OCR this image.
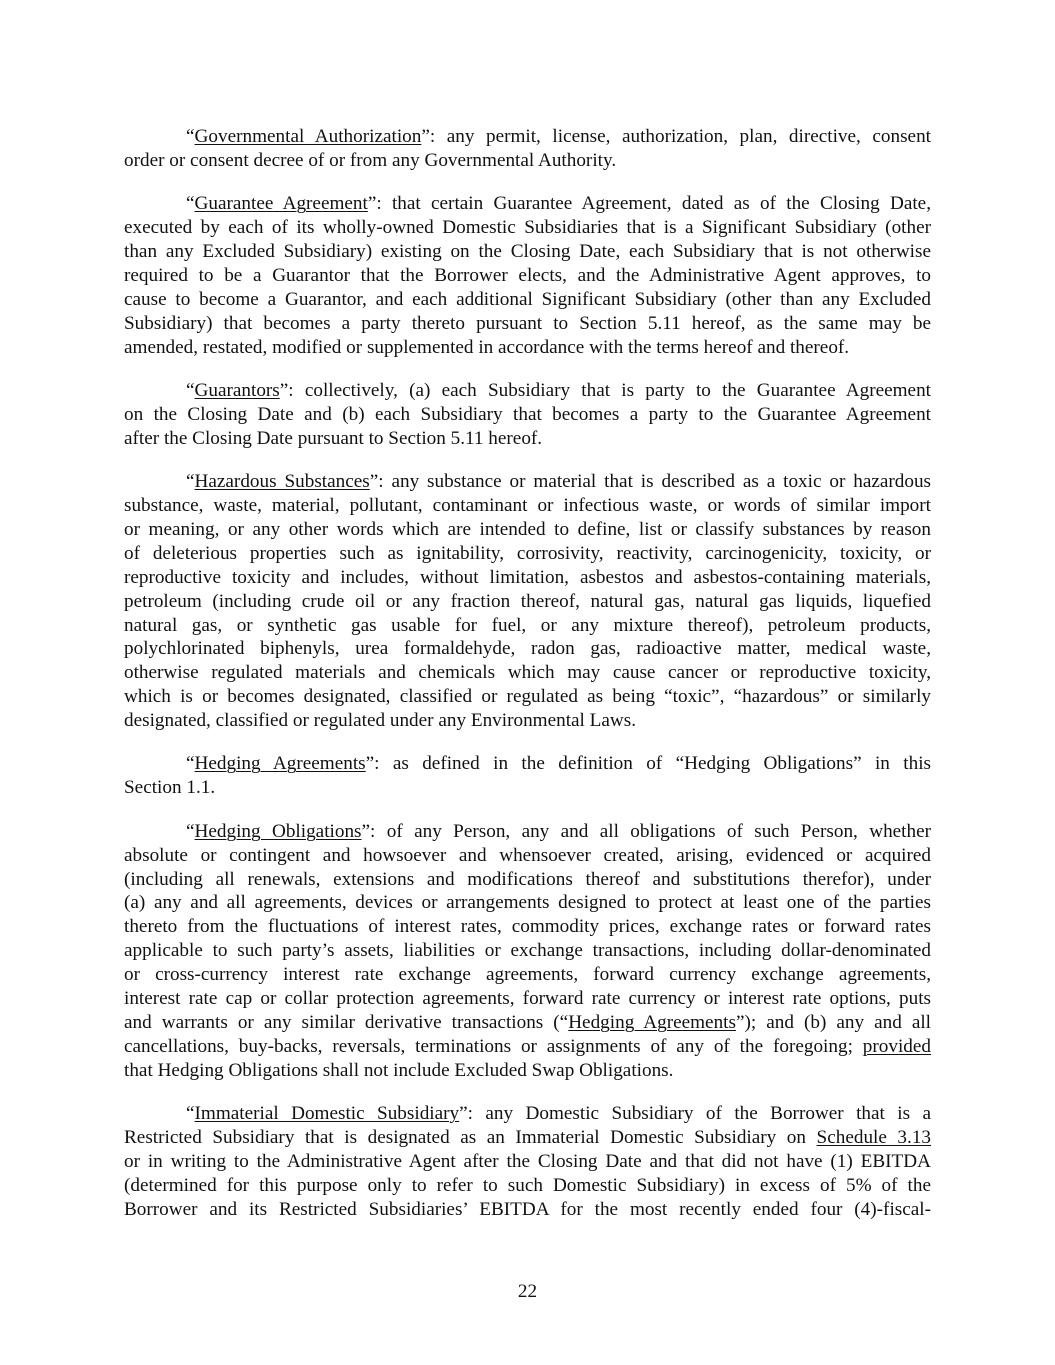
“Governmental Authorization”: any permit, license, authorization, plan, directive, consent
order or consent decree of or from any Governmental Authority.
“Guarantee Agreement”: that certain Guarantee Agreement, dated as of the Closing Date,
executed by each of its wholly-owned Domestic Subsidiaries that is a Significant Subsidiary (other
than any Excluded Subsidiary) existing on the Closing Date, each Subsidiary that is not otherwise
required to be a Guarantor that the Borrower elects, and the Administrative Agent approves, to
cause to become a Guarantor, and each additional Significant Subsidiary (other than any Excluded
Subsidiary) that becomes a party thereto pursuant to Section 5.11 hereof, as the same may be
amended, restated, modified or supplemented in accordance with the terms hereof and thereof.
“Guarantors”: collectively, (a) each Subsidiary that is party to the Guarantee Agreement
on the Closing Date and (b) each Subsidiary that becomes a party to the Guarantee Agreement
after the Closing Date pursuant to Section 5.11 hereof.
“Hazardous Substances”: any substance or material that is described as a toxic or hazardous
substance, waste, material, pollutant, contaminant or infectious waste, or words of similar import
or meaning, or any other words which are intended to define, list or classify substances by reason
of deleterious properties such as ignitability, corrosivity, reactivity, carcinogenicity, toxicity, or
reproductive toxicity and includes, without limitation, asbestos and asbestos-containing materials,
petroleum (including crude oil or any fraction thereof, natural gas, natural gas liquids, liquefied
natural gas, or synthetic gas usable for fuel, or any mixture thereof), petroleum products,
polychlorinated biphenyls, urea formaldehyde, radon gas, radioactive matter, medical waste,
otherwise regulated materials and chemicals which may cause cancer or reproductive toxicity,
which is or becomes designated, classified or regulated as being “toxic”, “hazardous” or similarly
designated, classified or regulated under any Environmental Laws.
“Hedging Agreements”: as defined in the definition of “Hedging Obligations” in this
Section 1.1.
“Hedging Obligations”: of any Person, any and all obligations of such Person, whether
absolute or contingent and howsoever and whensoever created, arising, evidenced or acquired
(including all renewals, extensions and modifications thereof and substitutions therefor), under
(a) any and all agreements, devices or arrangements designed to protect at least one of the parties
thereto from the fluctuations of interest rates, commodity prices, exchange rates or forward rates
applicable to such party’s assets, liabilities or exchange transactions, including dollar-denominated
or cross-currency interest rate exchange agreements, forward currency exchange agreements,
interest rate cap or collar protection agreements, forward rate currency or interest rate options, puts
and warrants or any similar derivative transactions (“Hedging Agreements”); and (b) any and all
cancellations, buy-backs, reversals, terminations or assignments of any of the foregoing; provided
that Hedging Obligations shall not include Excluded Swap Obligations.
“Immaterial Domestic Subsidiary”: any Domestic Subsidiary of the Borrower that is a
Restricted Subsidiary that is designated as an Immaterial Domestic Subsidiary on Schedule 3.13
or in writing to the Administrative Agent after the Closing Date and that did not have (1) EBITDA
(determined for this purpose only to refer to such Domestic Subsidiary) in excess of 5% of the
Borrower and its Restricted Subsidiaries’ EBITDA for the most recently ended four (4)-fiscal-
22
